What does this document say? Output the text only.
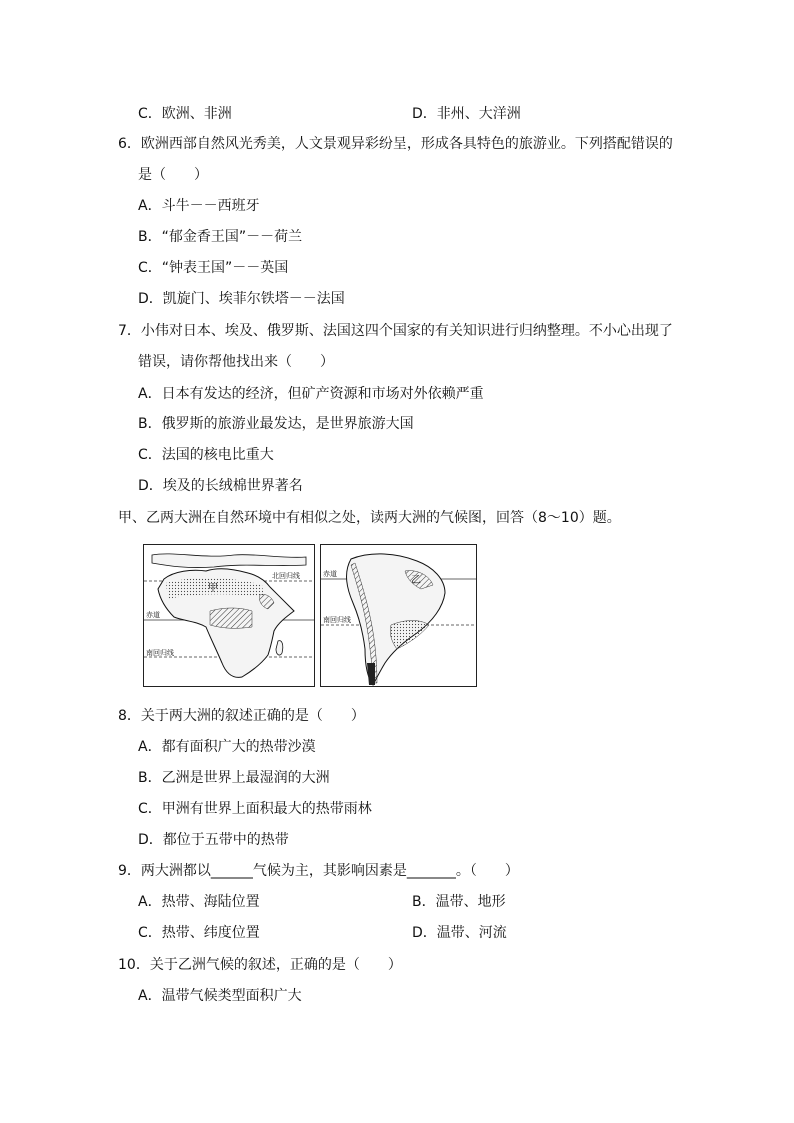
C．欧洲、非洲	D．非州、大洋洲
6．欧洲西部自然风光秀美，人文景观异彩纷呈，形成各具特色的旅游业。下列搭配错误的
是（　　）
A．斗牛－－西班牙
B．“郁金香王国”－－荷兰
C．“钟表王国”－－英国
D．凯旋门、埃菲尔铁塔－－法国
7．小伟对日本、埃及、俄罗斯、法国这四个国家的有关知识进行归纳整理。不小心出现了
错误，请你帮他找出来（　　）
A．日本有发达的经济，但矿产资源和市场对外依赖严重
B．俄罗斯的旅游业最发达，是世界旅游大国
C．法国的核电比重大
D．埃及的长绒棉世界著名
甲、乙两大洲在自然环境中有相似之处，读两大洲的气候图，回答（8～10）题。
甲
北回归线
赤道
南回归线
乙
赤道
南回归线
8．关于两大洲的叙述正确的是（　　）
A．都有面积广大的热带沙漠
B．乙洲是世界上最湿润的大洲
C．甲洲有世界上面积最大的热带雨林
D．都位于五带中的热带
9．两大洲都以______气候为主，其影响因素是_______。（　　）
A．热带、海陆位置	B．温带、地形
C．热带、纬度位置	D．温带、河流
10．关于乙洲气候的叙述，正确的是（　　）
A．温带气候类型面积广大
